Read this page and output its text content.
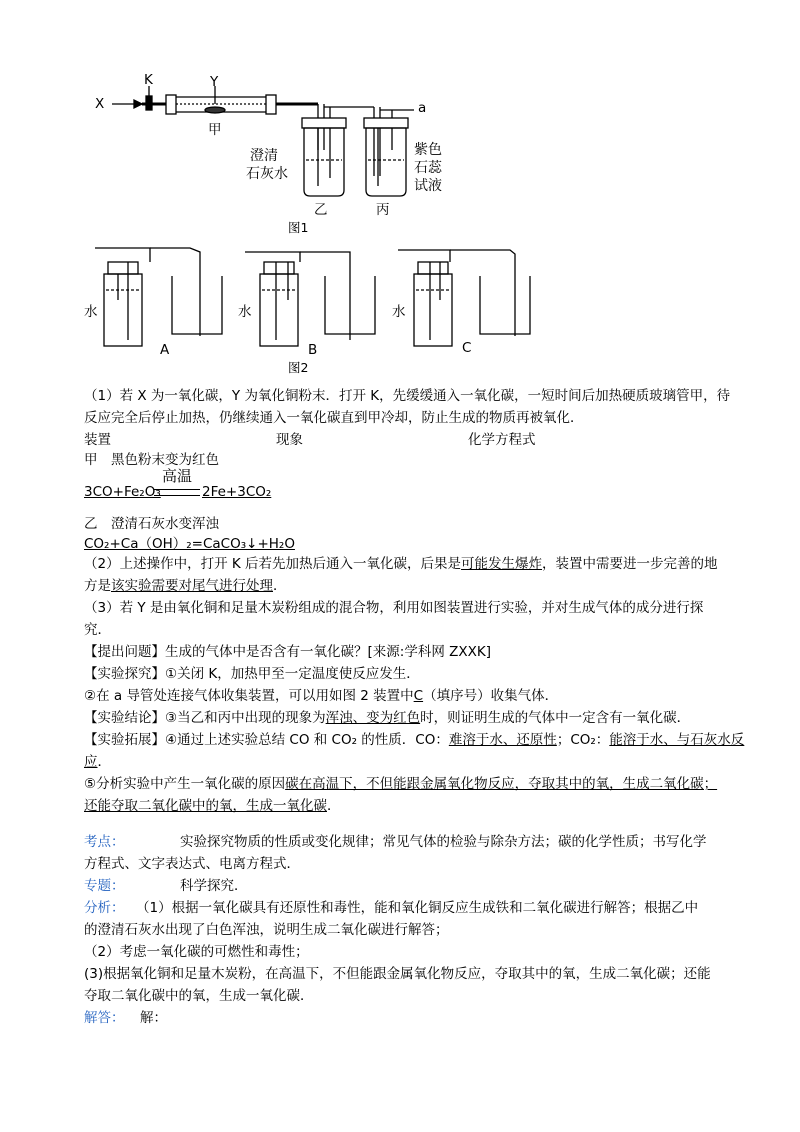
X
K	Y
a
甲
澄清
石灰水
紫色
石蕊
试液
乙	丙
图1
水	水	水
A	B	C
图2
（1）若 X 为一氧化碳，Y 为氧化铜粉末．打开 K，先缓缓通入一氧化碳，一短时间后加热硬质玻璃管甲，待
反应完全后停止加热，仍继续通入一氧化碳直到甲冷却，防止生成的物质再被氧化．
装置	现象	化学方程式
甲　黑色粉末变为红色
高温
3CO+Fe₂O₃	2Fe+3CO₂
乙　澄清石灰水变浑浊
CO₂+Ca（OH）₂=CaCO₃↓+H₂O
（2）上述操作中，打开 K 后若先加热后通入一氧化碳，后果是可能发生爆炸，装置中需要进一步完善的地
方是该实验需要对尾气进行处理．
（3）若 Y 是由氧化铜和足量木炭粉组成的混合物，利用如图装置进行实验，并对生成气体的成分进行探
究．
【提出问题】生成的气体中是否含有一氧化碳？[来源:学科网 ZXXK]
【实验探究】①关闭 K，加热甲至一定温度使反应发生．
②在 a 导管处连接气体收集装置，可以用如图 2 装置中C（填序号）收集气体．
【实验结论】③当乙和丙中出现的现象为浑浊、变为红色时，则证明生成的气体中一定含有一氧化碳．
【实验拓展】④通过上述实验总结 CO 和 CO₂ 的性质．CO：难溶于水、还原性；CO₂：能溶于水、与石灰水反
应．
⑤分析实验中产生一氧化碳的原因碳在高温下，不但能跟金属氧化物反应，夺取其中的氧，生成二氧化碳；
还能夺取二氧化碳中的氧，生成一氧化碳．
考点：	实验探究物质的性质或变化规律；常见气体的检验与除杂方法；碳的化学性质；书写化学
方程式、文字表达式、电离方程式．
专题：	科学探究．
分析： （1）根据一氧化碳具有还原性和毒性，能和氧化铜反应生成铁和二氧化碳进行解答；根据乙中
的澄清石灰水出现了白色浑浊，说明生成二氧化碳进行解答；
（2）考虑一氧化碳的可燃性和毒性；
(3)根据氧化铜和足量木炭粉，在高温下，不但能跟金属氧化物反应，夺取其中的氧，生成二氧化碳；还能
夺取二氧化碳中的氧，生成一氧化碳．
解答： 解：
